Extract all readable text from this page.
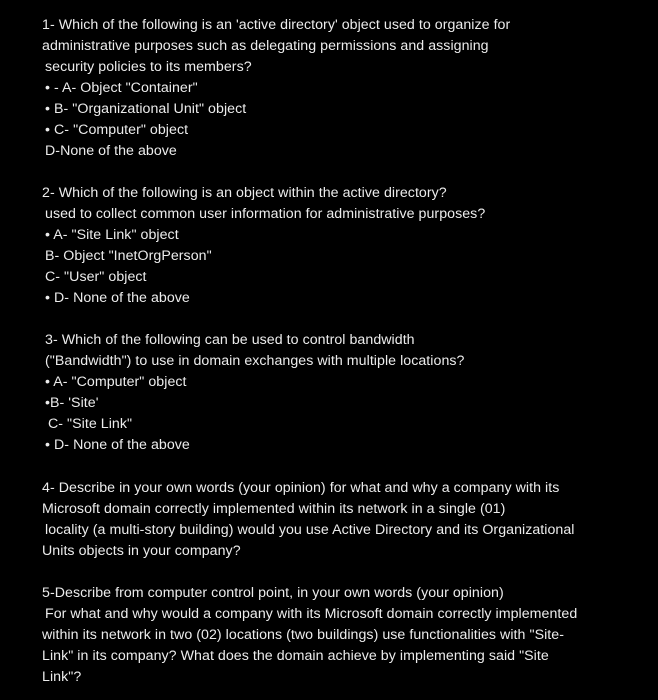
1- Which of the following is an 'active directory' object used to organize for
administrative purposes such as delegating permissions and assigning
security policies to its members?
• - A- Object "Container"
• B- "Organizational Unit" object
• C- "Computer" object
D-None of the above
2- Which of the following is an object within the active directory?
used to collect common user information for administrative purposes?
• A- "Site Link" object
B- Object "InetOrgPerson"
C- "User" object
• D- None of the above
3- Which of the following can be used to control bandwidth
("Bandwidth") to use in domain exchanges with multiple locations?
• A- "Computer" object
•B- 'Site'
C- "Site Link"
• D- None of the above
4- Describe in your own words (your opinion) for what and why a company with its
Microsoft domain correctly implemented within its network in a single (01)
locality (a multi-story building) would you use Active Directory and its Organizational
Units objects in your company?
5-Describe from computer control point, in your own words (your opinion)
For what and why would a company with its Microsoft domain correctly implemented
within its network in two (02) locations (two buildings) use functionalities with "Site-
Link" in its company? What does the domain achieve by implementing said "Site
Link"?
